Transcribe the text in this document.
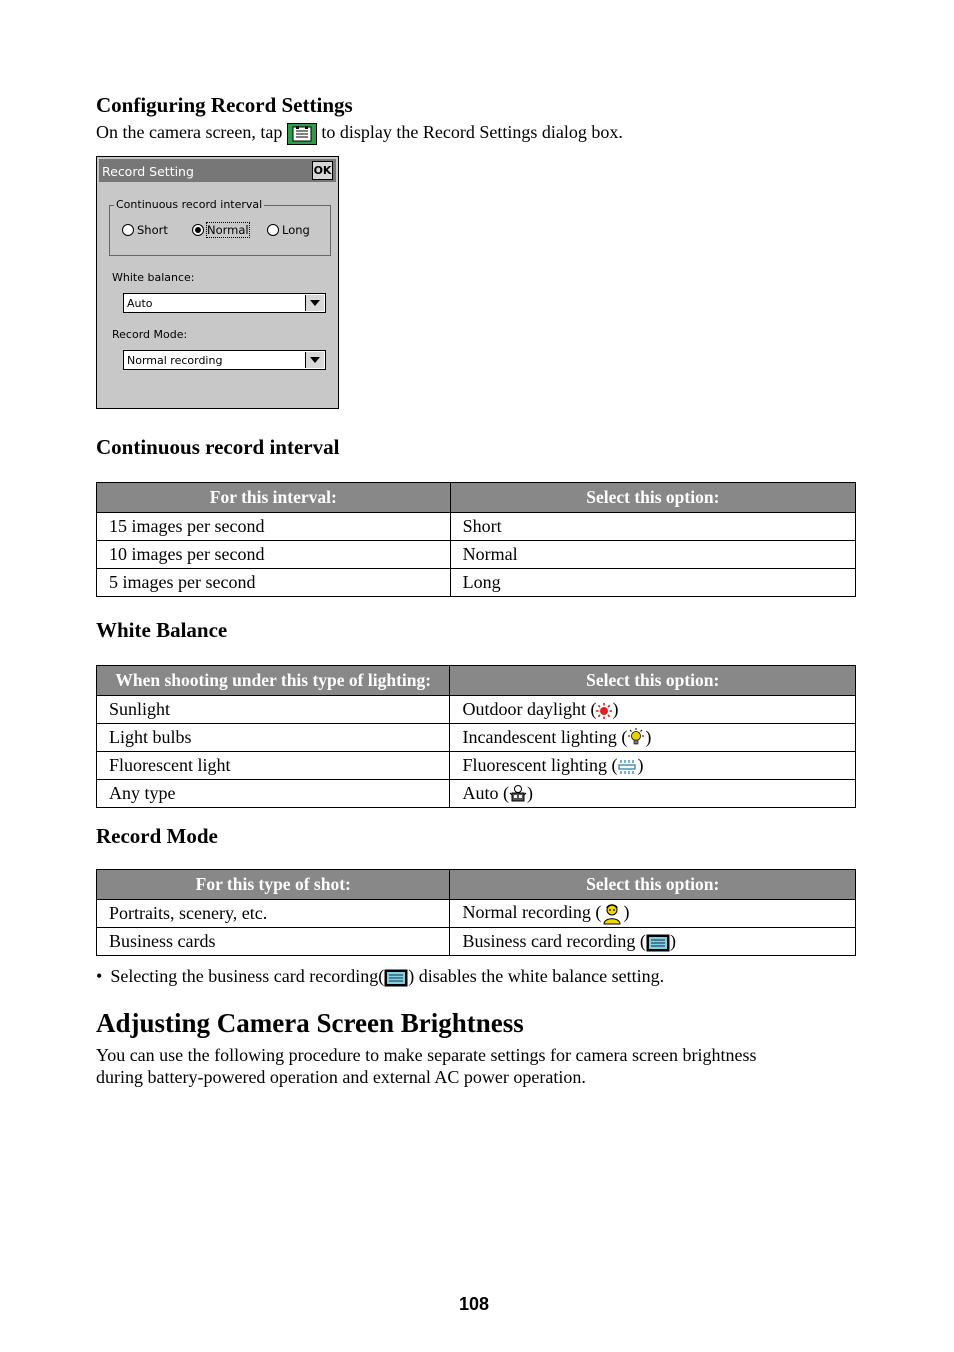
Configuring Record Settings
On the camera screen, tap to display the Record Settings dialog box.
Record Setting	OK
Continuous record interval
Short	Normal	Long
White balance:
Auto
Record Mode:
Normal recording
Continuous record interval
For this interval:	Select this option:
15 images per second	Short
10 images per second	Normal
5 images per second	Long
White Balance
When shooting under this type of lighting:	Select this option:
Sunlight	Outdoor daylight ( )
Light bulbs	Incandescent lighting ( )
Fluorescent light	Fluorescent lighting ( )
Any type	Auto ( )
Record Mode
For this type of shot:	Select this option:
Portraits, scenery, etc.	Normal recording ( )
Business cards	Business card recording ( )
• Selecting the business card recording( ) disables the white balance setting.
Adjusting Camera Screen Brightness
You can use the following procedure to make separate settings for camera screen brightness
during battery-powered operation and external AC power operation.
108
